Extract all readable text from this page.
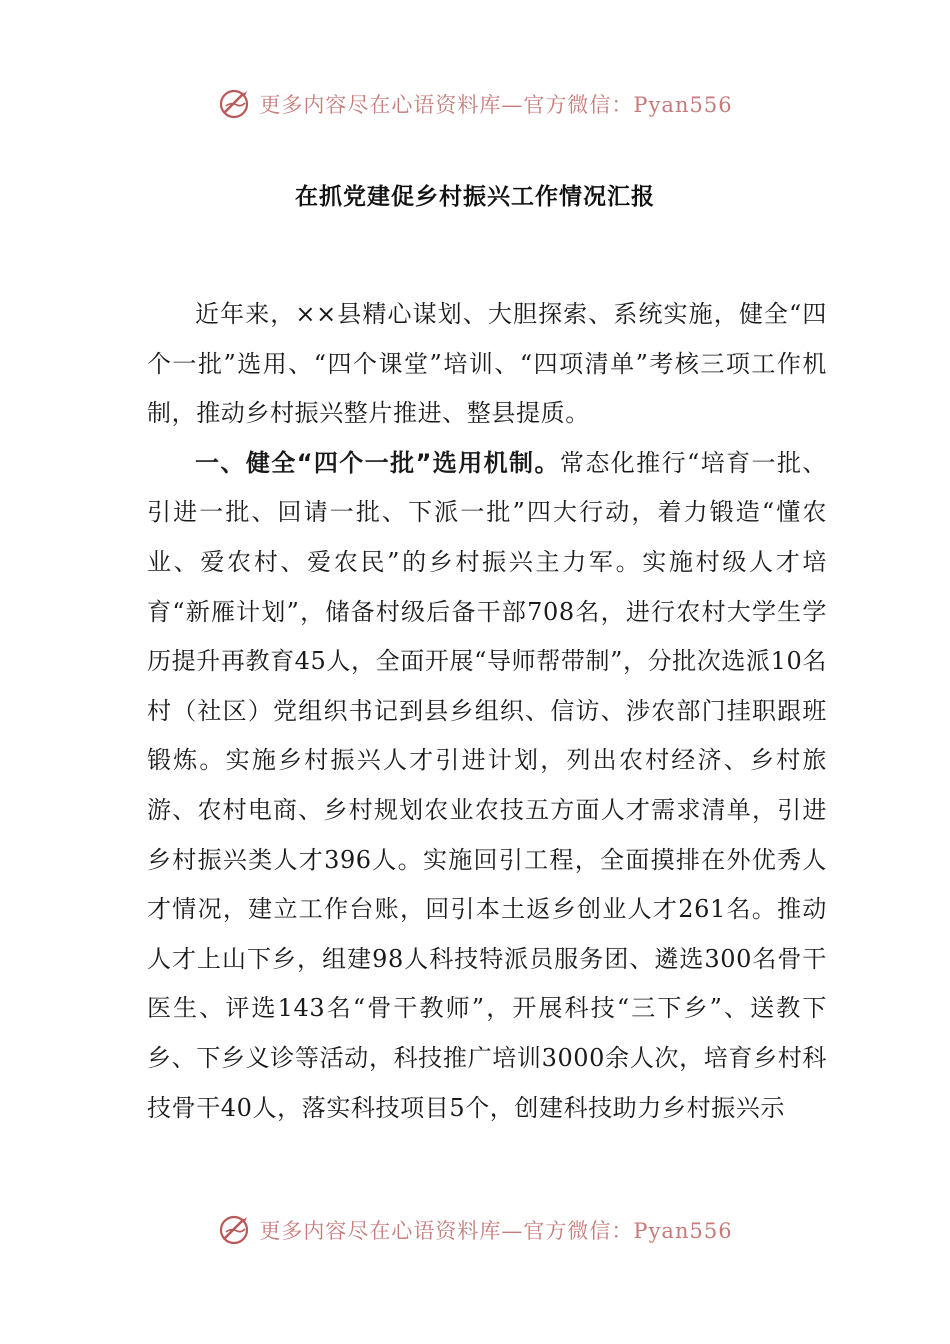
更多内容尽在心语资料库—官方微信：Pyan556
在抓党建促乡村振兴工作情况汇报

近年来，××县精心谋划、大胆探索、系统实施，健全“四个一批”选用、“四个课堂”培训、“四项清单”考核三项工作机制，推动乡村振兴整片推进、整县提质。

一、健全“四个一批”选用机制。常态化推行“培育一批、引进一批、回请一批、下派一批”四大行动，着力锻造“懂农业、爱农村、爱农民”的乡村振兴主力军。实施村级人才培育“新雁计划”，储备村级后备干部708名，进行农村大学生学历提升再教育45人，全面开展“导师帮带制”，分批次选派10名村（社区）党组织书记到县乡组织、信访、涉农部门挂职跟班锻炼。实施乡村振兴人才引进计划，列出农村经济、乡村旅游、农村电商、乡村规划农业农技五方面人才需求清单，引进乡村振兴类人才396人。实施回引工程，全面摸排在外优秀人才情况，建立工作台账，回引本土返乡创业人才261名。推动人才上山下乡，组建98人科技特派员服务团、遴选300名骨干医生、评选143名“骨干教师”，开展科技“三下乡”、送教下乡、下乡义诊等活动，科技推广培训3000余人次，培育乡村科技骨干40人，落实科技项目5个，创建科技助力乡村振兴示

更多内容尽在心语资料库—官方微信：Pyan556
